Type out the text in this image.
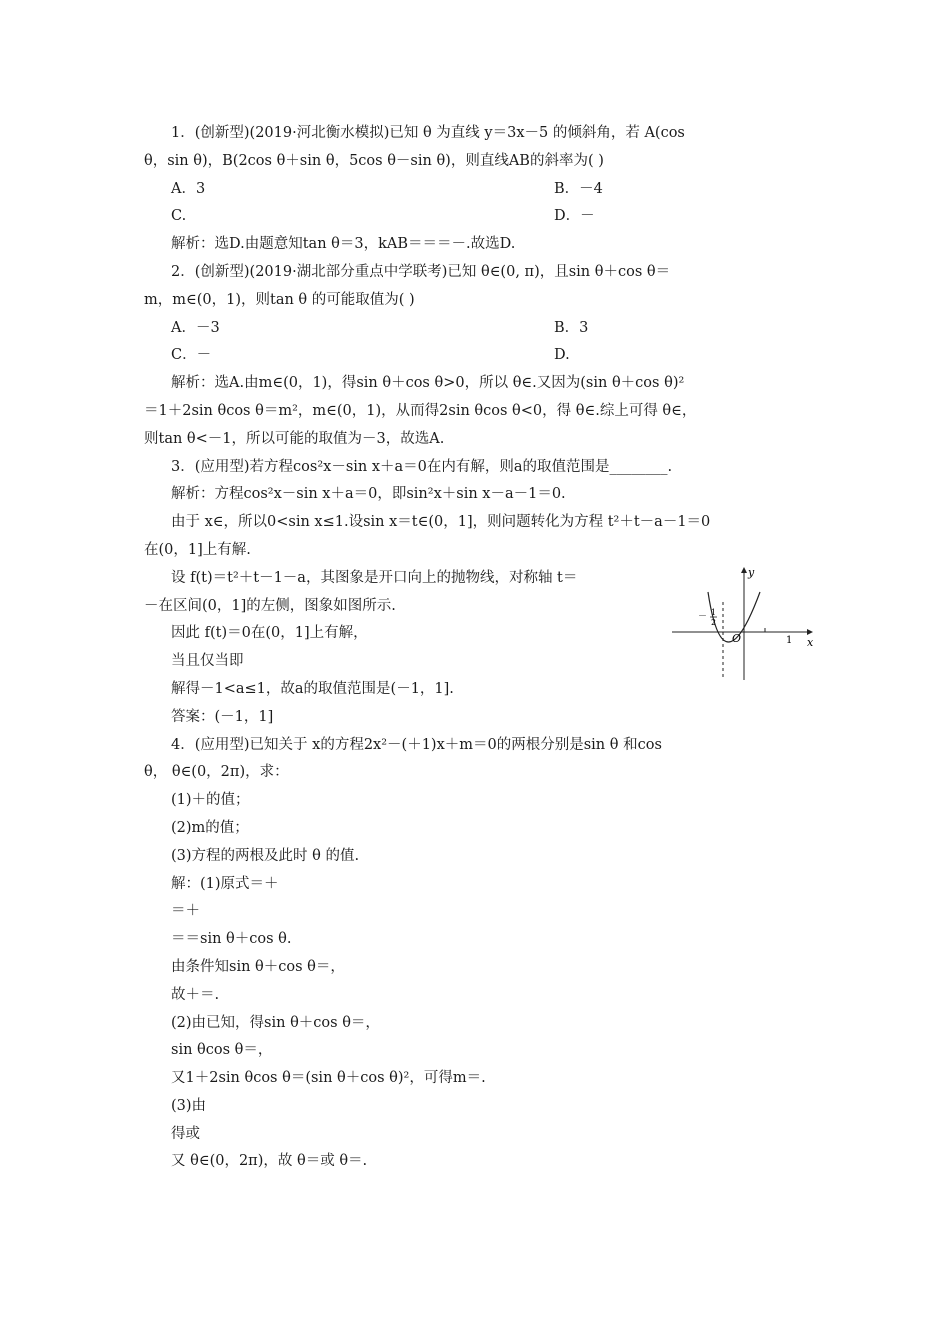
1．(创新型)(2019·河北衡水模拟)已知 θ 为直线 y＝3x－5 的倾斜角，若 A(cos
θ，sin θ)，B(2cos θ＋sin θ，5cos θ－sin θ)，则直线AB的斜率为( )
A．3	B．－4
C.	D．－
解析：选D.由题意知tan θ＝3，kAB＝＝＝－.故选D.
2．(创新型)(2019·湖北部分重点中学联考)已知 θ∈(0, π)，且sin θ＋cos θ＝
m，m∈(0，1)，则tan θ 的可能取值为( )
A．－3	B．3
C．－	D.
解析：选A.由m∈(0，1)，得sin θ＋cos θ>0，所以 θ∈.又因为(sin θ＋cos θ)²
＝1＋2sin θcos θ＝m²，m∈(0，1)，从而得2sin θcos θ<0，得 θ∈.综上可得 θ∈，
则tan θ<－1，所以可能的取值为－3，故选A.
3．(应用型)若方程cos²x－sin x＋a＝0在内有解，则a的取值范围是________.
解析：方程cos²x－sin x＋a＝0，即sin²x＋sin x－a－1＝0.
由于 x∈，所以0<sin x≤1.设sin x＝t∈(0，1]，则问题转化为方程 t²＋t－a－1＝0
在(0，1]上有解.
设 f(t)＝t²＋t－1－a，其图象是开口向上的抛物线，对称轴 t＝
－在区间(0，1]的左侧，图象如图所示.
因此 f(t)＝0在(0，1]上有解，
当且仅当即
解得－1<a≤1，故a的取值范围是(－1，1].
答案：(－1，1]
y
x
O	1
－ 1
2
4．(应用型)已知关于 x的方程2x²－(＋1)x＋m＝0的两根分别是sin θ 和cos
θ， θ∈(0，2π)，求：
(1)＋的值；
(2)m的值；
(3)方程的两根及此时 θ 的值.
解：(1)原式＝＋
＝＋
＝＝sin θ＋cos θ.
由条件知sin θ＋cos θ＝，
故＋＝.
(2)由已知，得sin θ＋cos θ＝，
sin θcos θ＝，
又1＋2sin θcos θ＝(sin θ＋cos θ)²，可得m＝.
(3)由
得或
又 θ∈(0，2π)，故 θ＝或 θ＝.
